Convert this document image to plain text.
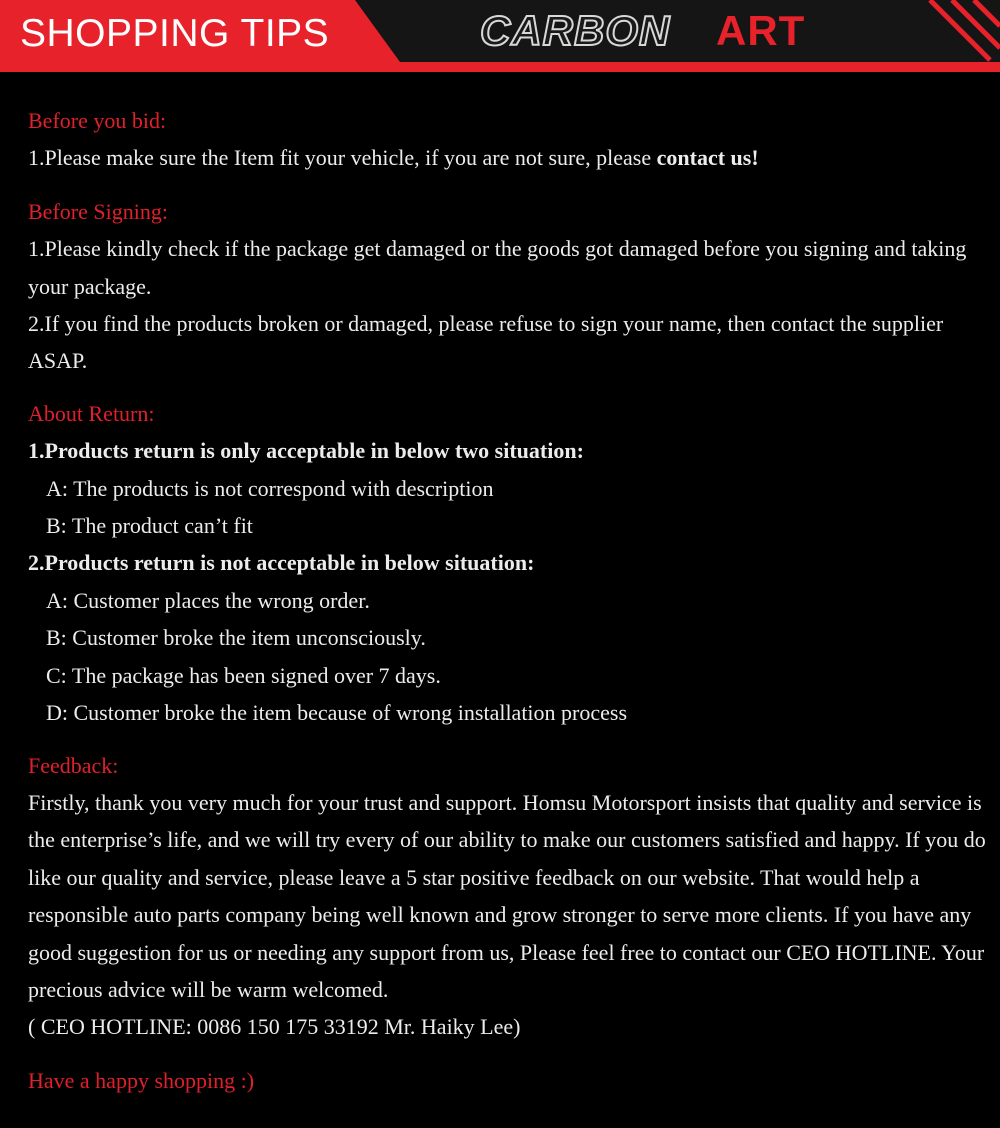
SHOPPING TIPS	CARBON ART

Before you bid:

1.Please make sure the Item fit your vehicle, if you are not sure, please contact us!

Before Signing:

1.Please kindly check if the package get damaged or the goods got damaged before you signing and taking your package.

2.If you find the products broken or damaged, please refuse to sign your name, then contact the supplier ASAP.

About Return:

1.Products return is only acceptable in below two situation:

A: The products is not correspond with description

B: The product can’t fit

2.Products return is not acceptable in below situation:

A: Customer places the wrong order.

B: Customer broke the item unconsciously.

C: The package has been signed over 7 days.

D: Customer broke the item because of wrong installation process

Feedback:

Firstly, thank you very much for your trust and support. Homsu Motorsport insists that quality and service is the enterprise’s life, and we will try every of our ability to make our customers satisfied and happy. If you do like our quality and service, please leave a 5 star positive feedback on our website. That would help a responsible auto parts company being well known and grow stronger to serve more clients. If you have any good suggestion for us or needing any support from us, Please feel free to contact our CEO HOTLINE. Your precious advice will be warm welcomed.

( CEO HOTLINE: 0086 150 175 33192 Mr. Haiky Lee)

Have a happy shopping :)
